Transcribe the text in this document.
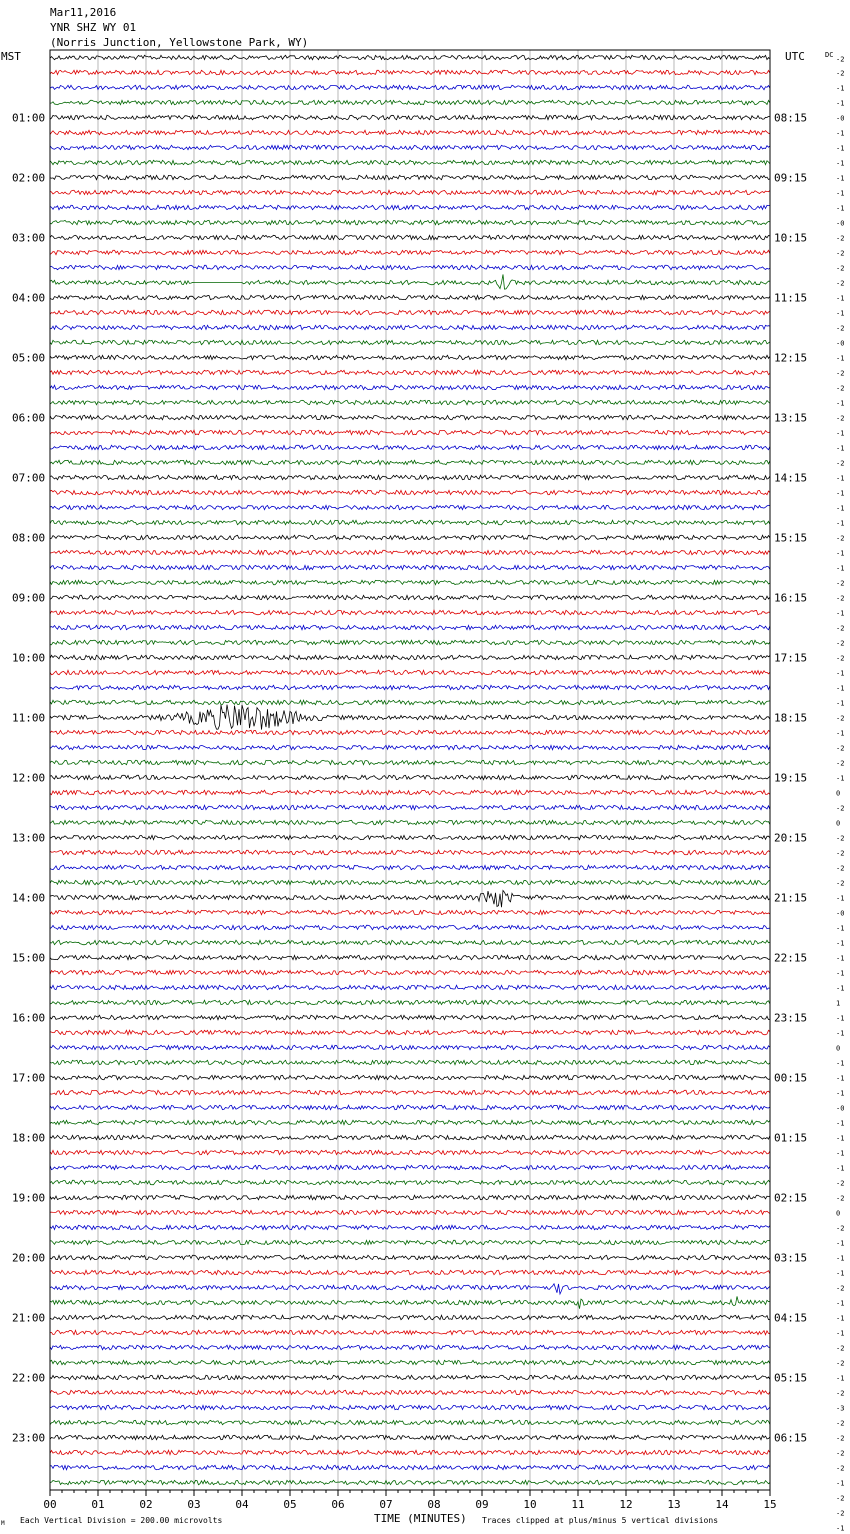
Mar11,2016
YNR SHZ WY 01
(Norris Junction, Yellowstone Park, WY)
MST	UTC	DC
01:00
02:00
03:00
04:00
05:00
06:00
07:00
08:00
09:00
10:00
11:00
12:00
13:00
14:00
15:00
16:00
17:00
18:00
19:00
20:00
21:00
22:00
23:00
08:15
09:15
10:15
11:15
12:15
13:15
14:15
15:15
16:15
17:15
18:15
19:15
20:15
21:15
22:15
23:15
00:15
01:15
02:15
03:15
04:15
05:15
06:15
-2
-2
-1
-1
-0
-1
-1
-1
-1
-1
-1
-0
-2
-2
-2
-2
-1
-1
-2
-0
-1
-2
-2
-1
-2
-1
-1
-2
-1
-1
-1
-1
-2
-1
-1
-2
-2
-1
-2
-2
-2
-1
-1
-1
-2
-1
-2
-2
-1
0
-2
0
-2
-2
-2
-2
-1
-0
-1
-1
-1
-1
-1
1
-1
-1
0
-1
-1
-1
-0
-1
-1
-1
-1
-2
-2
0
-2
-1
-1
-1
-2
-1
-1
-1
-2
-2
-1
-2
-3
-2
-2
-2
-2
-1
-2
-2
-1
00	01	02	03	04	05	06	07	08	09	10	11	12	13	14	15
M Each Vertical Division = 200.00 microvolts	TIME (MINUTES) Traces clipped at plus/minus 5 vertical divisions
